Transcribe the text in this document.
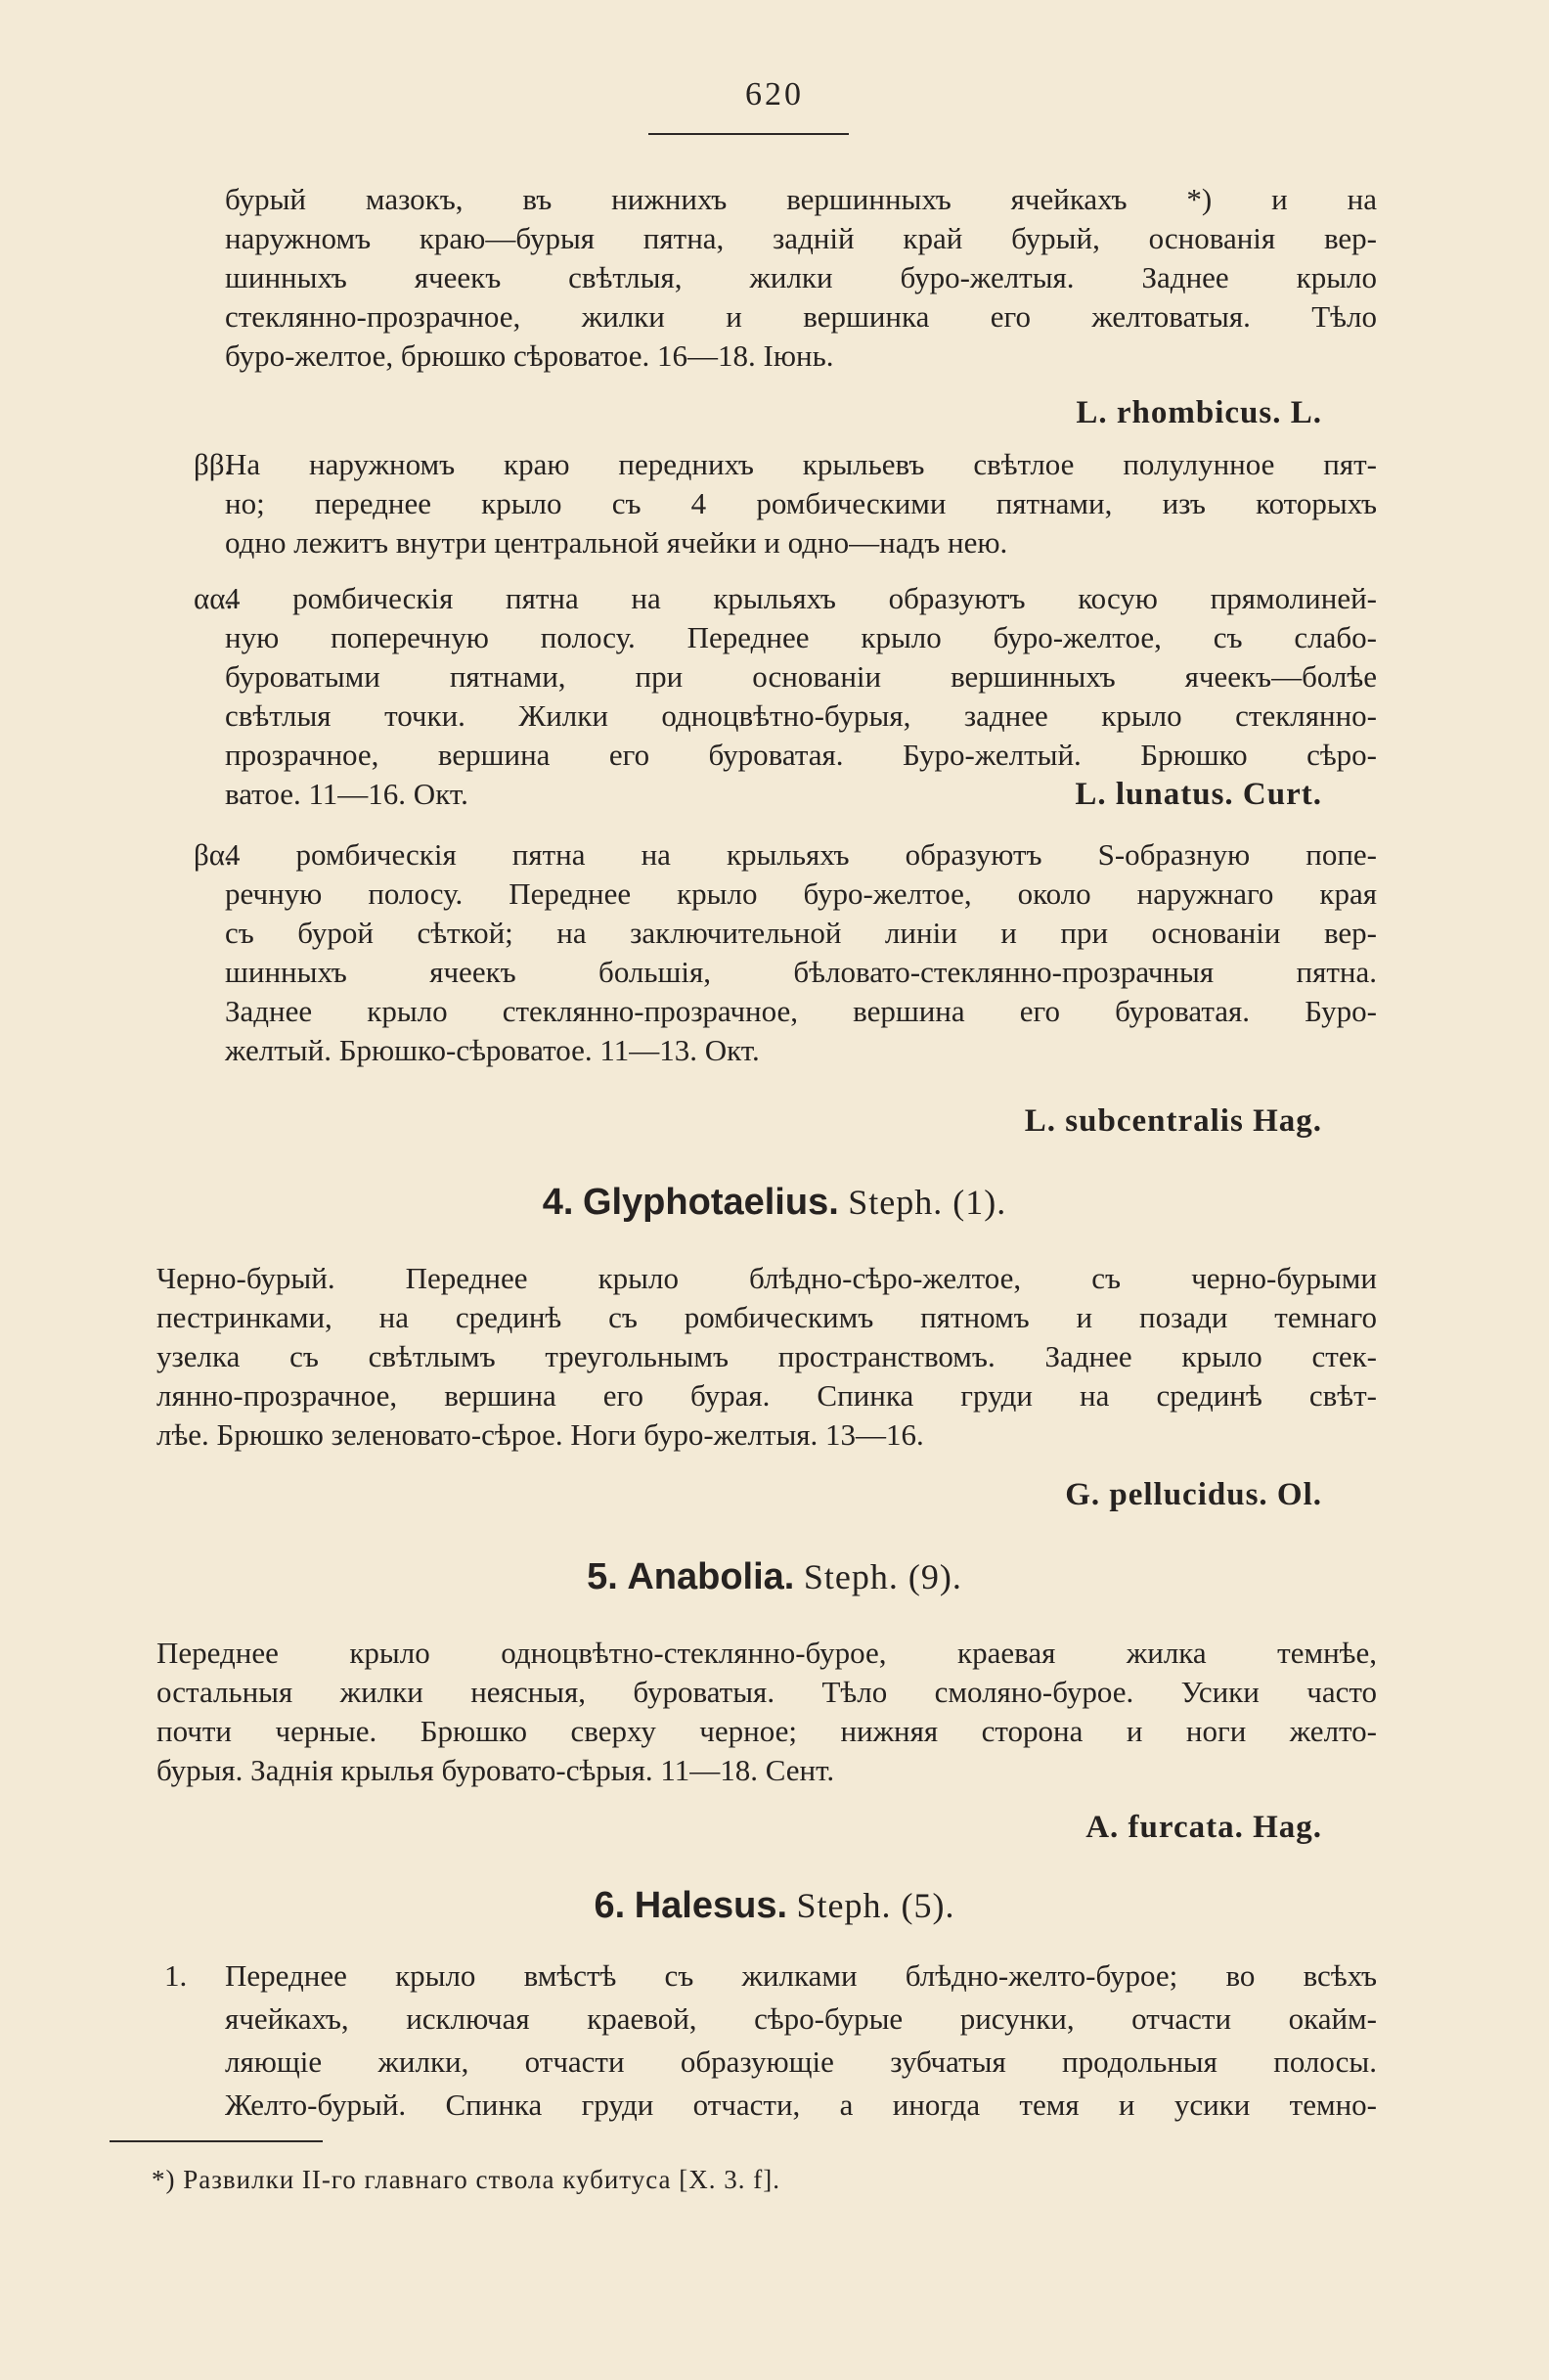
620
бурый мазокъ, въ нижнихъ вершинныхъ ячейкахъ *) и на
наружномъ краю—бурыя пятна, задній край бурый, основанія вер-
шинныхъ ячеекъ свѣтлыя, жилки буро-желтыя. Заднее крыло
стеклянно-прозрачное, жилки и вершинка его желтоватыя. Тѣло
буро-желтое, брюшко сѣроватое. 16—18. Іюнь.
L. rhombicus. L.
ββ.
На наружномъ краю переднихъ крыльевъ свѣтлое полулунное пят-
но; переднее крыло съ 4 ромбическими пятнами, изъ которыхъ
одно лежитъ внутри центральной ячейки и одно—надъ нею.
αα.
4 ромбическія пятна на крыльяхъ образуютъ косую прямолиней-
ную поперечную полосу. Переднее крыло буро-желтое, съ слабо-
буроватыми пятнами, при основаніи вершинныхъ ячеекъ—болѣе
свѣтлыя точки. Жилки одноцвѣтно-бурыя, заднее крыло стеклянно-
прозрачное, вершина его буроватая. Буро-желтый. Брюшко сѣро-
ватое. 11—16. Окт.	L. lunatus. Curt.
βα.
4 ромбическія пятна на крыльяхъ образуютъ S-образную попе-
речную полосу. Переднее крыло буро-желтое, около наружнаго края
съ бурой сѣткой; на заключительной линіи и при основаніи вер-
шинныхъ ячеекъ большія, бѣловато-стеклянно-прозрачныя пятна.
Заднее крыло стеклянно-прозрачное, вершина его буроватая. Буро-
желтый. Брюшко-сѣроватое. 11—13. Окт.
L. subcentralis Hag.
4. Glyphotaelius. Steph. (1).
Черно-бурый. Переднее крыло блѣдно-сѣро-желтое, съ черно-бурыми
пестринками, на срединѣ съ ромбическимъ пятномъ и позади темнаго
узелка съ свѣтлымъ треугольнымъ пространствомъ. Заднее крыло стек-
лянно-прозрачное, вершина его бурая. Спинка груди на срединѣ свѣт-
лѣе. Брюшко зеленовато-сѣрое. Ноги буро-желтыя. 13—16.
G. pellucidus. Ol.
5. Anabolia. Steph. (9).
Переднее крыло одноцвѣтно-стеклянно-бурое, краевая жилка темнѣе,
остальныя жилки неясныя, буроватыя. Тѣло смоляно-бурое. Усики часто
почти черные. Брюшко сверху черное; нижняя сторона и ноги желто-
бурыя. Заднія крылья буровато-сѣрыя. 11—18. Сент.
A. furcata. Hag.
6. Halesus. Steph. (5).
1. Переднее крыло вмѣстѣ съ жилками блѣдно-желто-бурое; во всѣхъ
ячейкахъ, исключая краевой, сѣро-бурые рисунки, отчасти окайм-
ляющіе жилки, отчасти образующіе зубчатыя продольныя полосы.
Желто-бурый. Спинка груди отчасти, а иногда темя и усики темно-
*) Развилки II-го главнаго ствола кубитуса [X. 3. f].
